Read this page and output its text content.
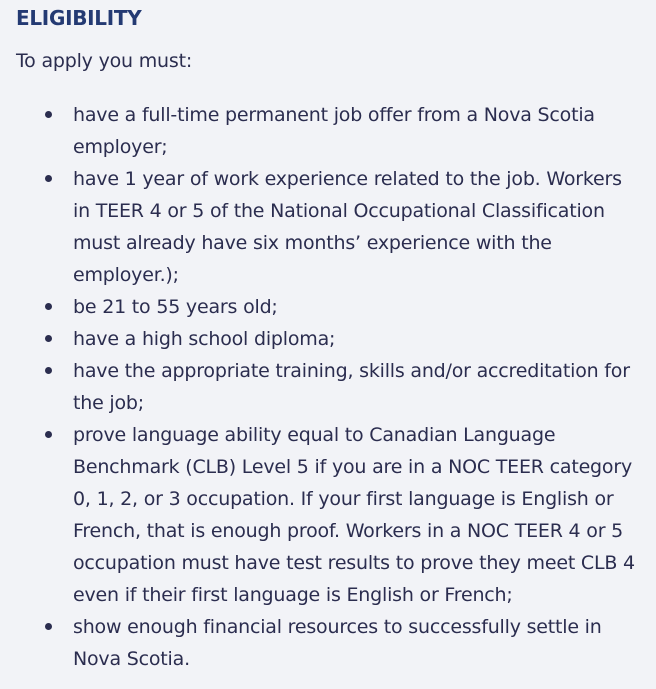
ELIGIBILITY

To apply you must:

have a full-time permanent job offer from a Nova Scotia employer;
have 1 year of work experience related to the job. Workers in TEER 4 or 5 of the National Occupational Classification must already have six months’ experience with the employer.);
be 21 to 55 years old;
have a high school diploma;
have the appropriate training, skills and/or accreditation for the job;
prove language ability equal to Canadian Language Benchmark (CLB) Level 5 if you are in a NOC TEER category 0, 1, 2, or 3 occupation. If your first language is English or French, that is enough proof. Workers in a NOC TEER 4 or 5 occupation must have test results to prove they meet CLB 4 even if their first language is English or French;
show enough financial resources to successfully settle in Nova Scotia.
